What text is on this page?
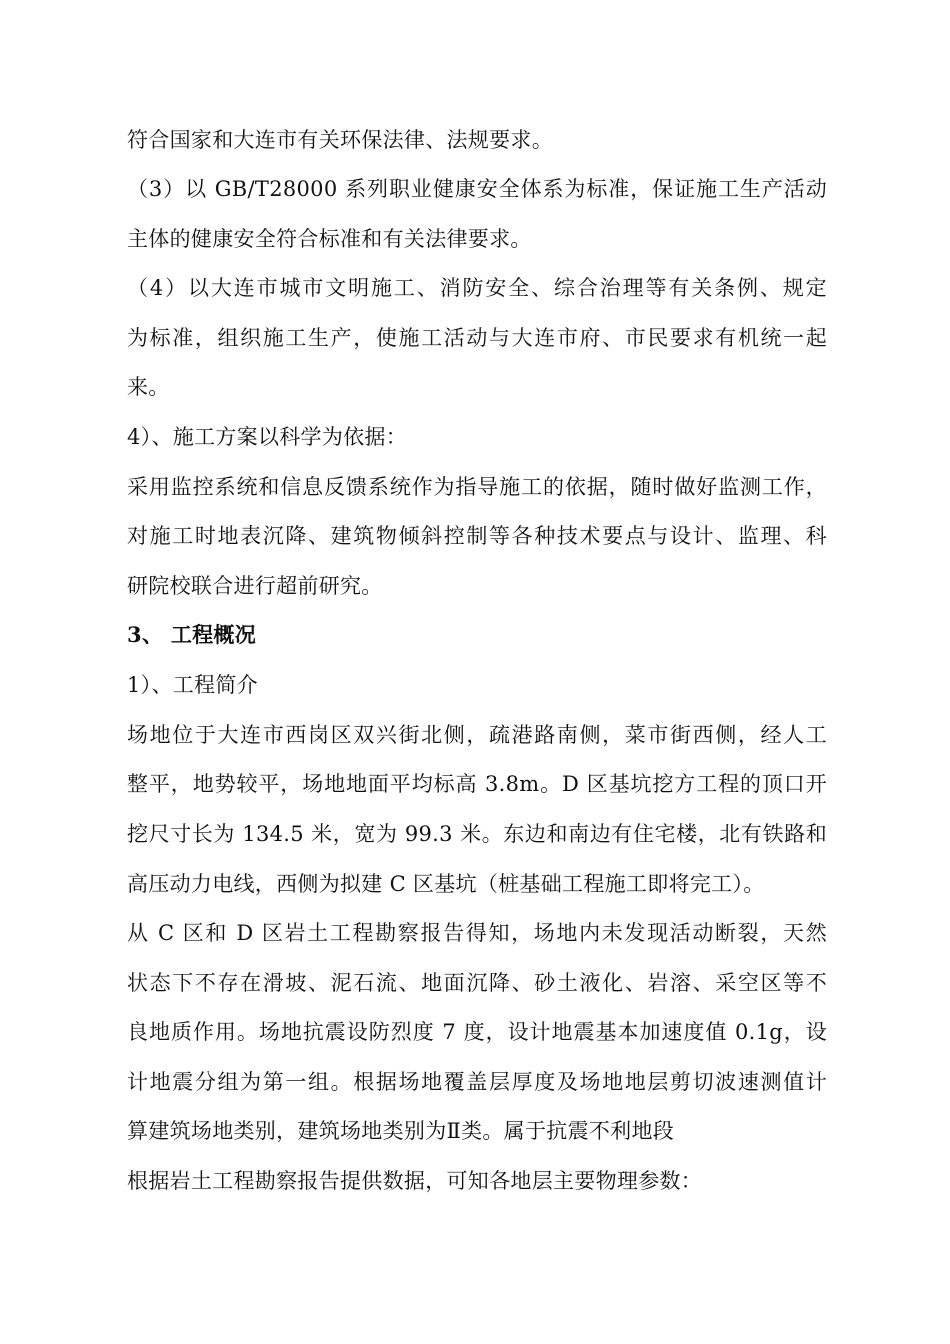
符合国家和大连市有关环保法律、法规要求。
（3）以 GB/T28000 系列职业健康安全体系为标准，保证施工生产活动
主体的健康安全符合标准和有关法律要求。
（4）以大连市城市文明施工、消防安全、综合治理等有关条例、规定
为标准，组织施工生产，使施工活动与大连市府、市民要求有机统一起
来。
4）、施工方案以科学为依据：
采用监控系统和信息反馈系统作为指导施工的依据，随时做好监测工作，
对施工时地表沉降、建筑物倾斜控制等各种技术要点与设计、监理、科
研院校联合进行超前研究。
3、 工程概况
1）、工程简介
场地位于大连市西岗区双兴街北侧，疏港路南侧，菜市街西侧，经人工
整平，地势较平，场地地面平均标高 3.8m。D 区基坑挖方工程的顶口开
挖尺寸长为 134.5 米，宽为 99.3 米。东边和南边有住宅楼，北有铁路和
高压动力电线，西侧为拟建 C 区基坑（桩基础工程施工即将完工）。
从 C 区和 D 区岩土工程勘察报告得知，场地内未发现活动断裂，天然
状态下不存在滑坡、泥石流、地面沉降、砂土液化、岩溶、采空区等不
良地质作用。场地抗震设防烈度 7 度，设计地震基本加速度值 0.1g，设
计地震分组为第一组。根据场地覆盖层厚度及场地地层剪切波速测值计
算建筑场地类别，建筑场地类别为Ⅱ类。属于抗震不利地段
根据岩土工程勘察报告提供数据，可知各地层主要物理参数：
